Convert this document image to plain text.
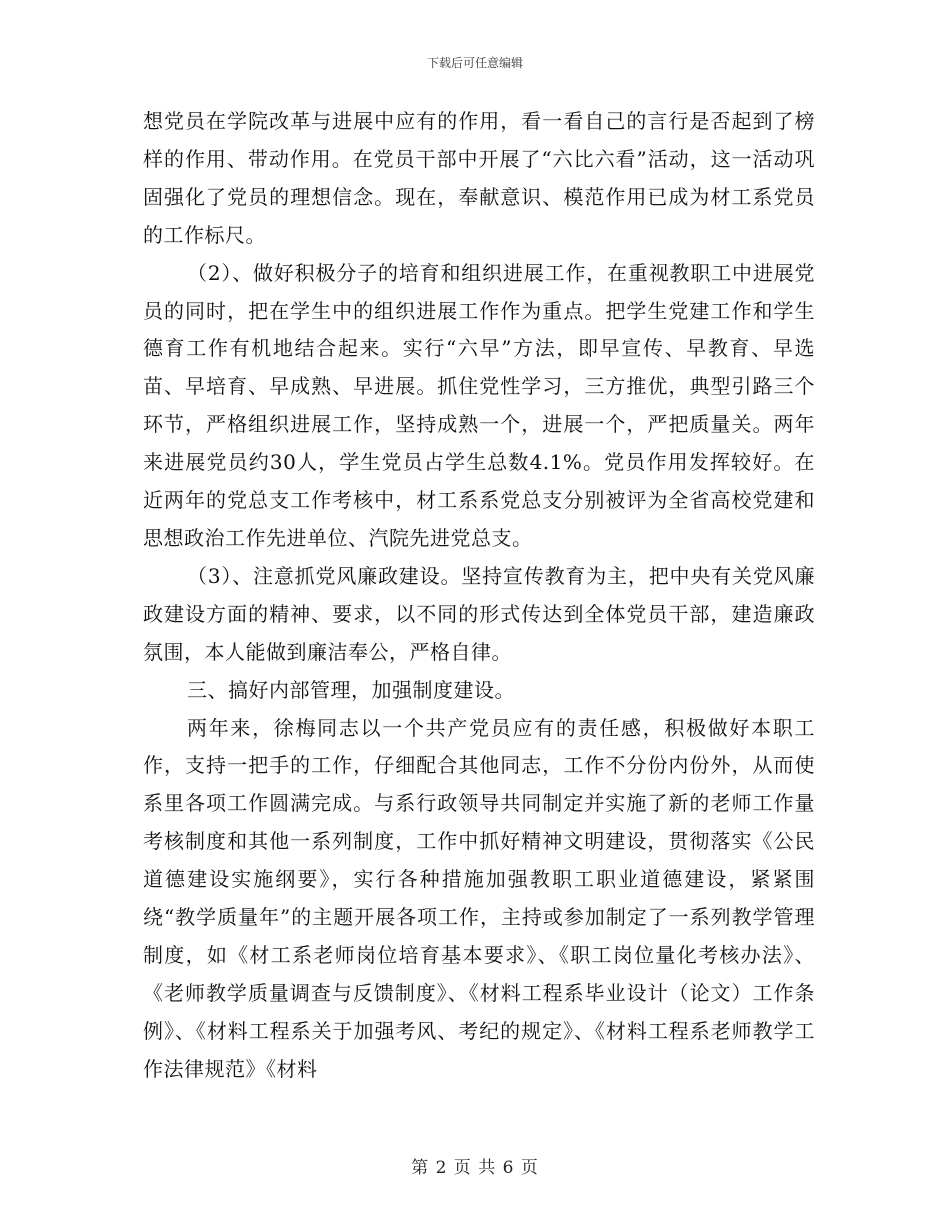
下载后可任意编辑

想党员在学院改革与进展中应有的作用，看一看自己的言行是否起到了榜样的作用、带动作用。在党员干部中开展了“六比六看”活动，这一活动巩固强化了党员的理想信念。现在，奉献意识、模范作用已成为材工系党员的工作标尺。

（2）、做好积极分子的培育和组织进展工作，在重视教职工中进展党员的同时，把在学生中的组织进展工作作为重点。把学生党建工作和学生德育工作有机地结合起来。实行“六早”方法，即早宣传、早教育、早选苗、早培育、早成熟、早进展。抓住党性学习，三方推优，典型引路三个环节，严格组织进展工作，坚持成熟一个，进展一个，严把质量关。两年来进展党员约30人，学生党员占学生总数4.1%。党员作用发挥较好。在近两年的党总支工作考核中，材工系系党总支分别被评为全省高校党建和思想政治工作先进单位、汽院先进党总支。

（3）、注意抓党风廉政建设。坚持宣传教育为主，把中央有关党风廉政建设方面的精神、要求，以不同的形式传达到全体党员干部，建造廉政氛围，本人能做到廉洁奉公，严格自律。

三、搞好内部管理，加强制度建设。

两年来，徐梅同志以一个共产党员应有的责任感，积极做好本职工作，支持一把手的工作，仔细配合其他同志，工作不分份内份外，从而使系里各项工作圆满完成。与系行政领导共同制定并实施了新的老师工作量考核制度和其他一系列制度，工作中抓好精神文明建设，贯彻落实《公民道德建设实施纲要》，实行各种措施加强教职工职业道德建设，紧紧围绕“教学质量年”的主题开展各项工作，主持或参加制定了一系列教学管理制度，如《材工系老师岗位培育基本要求》、《职工岗位量化考核办法》、《老师教学质量调查与反馈制度》、《材料工程系毕业设计（论文）工作条例》、《材料工程系关于加强考风、考纪的规定》、《材料工程系老师教学工作法律规范》《材料

第 2 页 共 6 页
